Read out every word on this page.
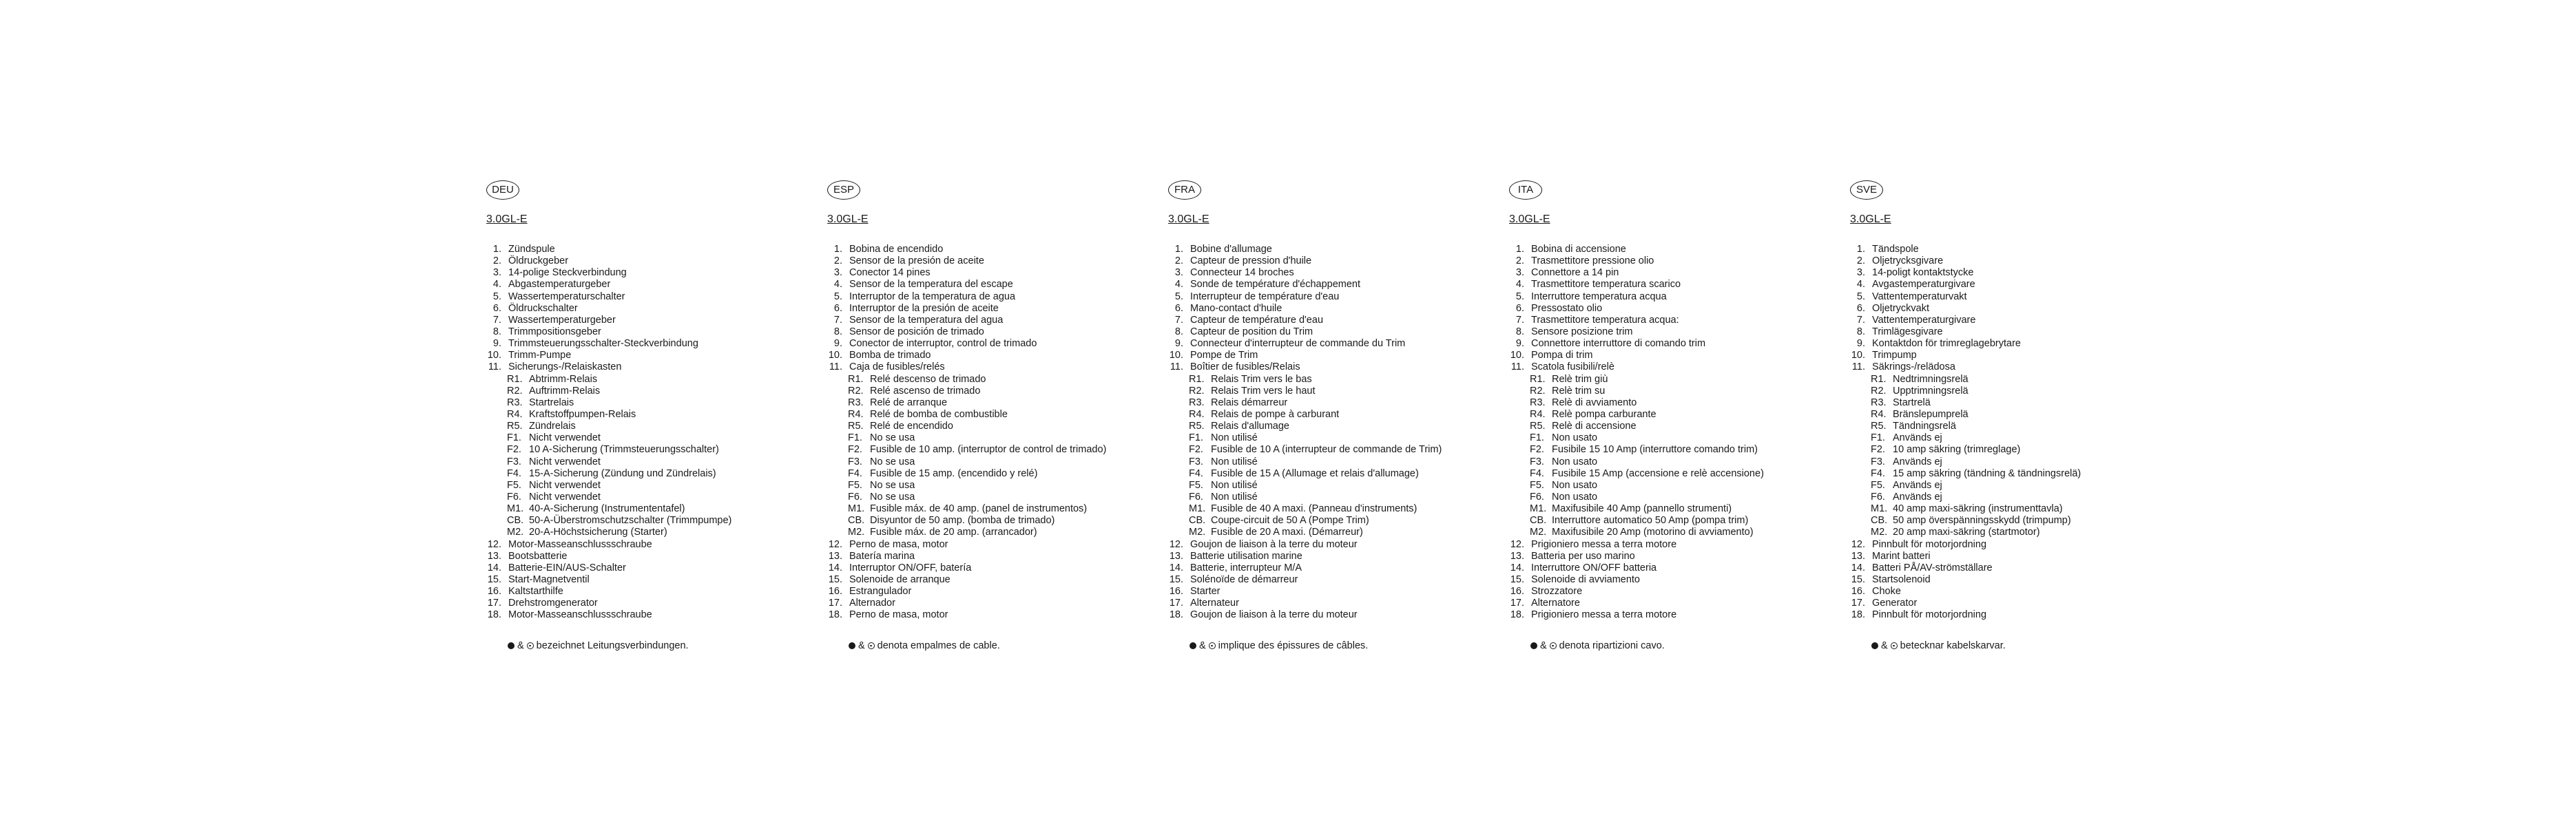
DEU
3.0GL-E
1. Zündspule
2. Öldruckgeber
3. 14-polige Steckverbindung
4. Abgastemperaturgeber
5. Wassertemperaturschalter
6. Öldruckschalter
7. Wassertemperaturgeber
8. Trimmpositionsgeber
9. Trimmsteuerungsschalter-Steckverbindung
10. Trimm-Pumpe
11. Sicherungs-/Relaiskasten
R1. Abtrimm-Relais
R2. Auftrimm-Relais
R3. Startrelais
R4. Kraftstoffpumpen-Relais
R5. Zündrelais
F1. Nicht verwendet
F2. 10 A-Sicherung (Trimmsteuerungsschalter)
F3. Nicht verwendet
F4. 15-A-Sicherung (Zündung und Zündrelais)
F5. Nicht verwendet
F6. Nicht verwendet
M1. 40-A-Sicherung (Instrumententafel)
CB. 50-A-Überstromschutzschalter (Trimmpumpe)
M2. 20-A-Höchstsicherung (Starter)
12. Motor-Masseanschlussschraube
13. Bootsbatterie
14. Batterie-EIN/AUS-Schalter
15. Start-Magnetventil
16. Kaltstarthilfe
17. Drehstromgenerator
18. Motor-Masseanschlussschraube
ESP
3.0GL-E
1. Bobina de encendido
2. Sensor de la presión de aceite
3. Conector 14 pines
4. Sensor de la temperatura del escape
5. Interruptor de la temperatura de agua
6. Interruptor de la presión de aceite
7. Sensor de la temperatura del agua
8. Sensor de posición de trimado
9. Conector de interruptor, control de trimado
10. Bomba de trimado
11. Caja de fusibles/relés
R1. Relé descenso de trimado
R2. Relé ascenso de trimado
R3. Relé de arranque
R4. Relé de bomba de combustible
R5. Relé de encendido
F1. No se usa
F2. Fusible de 10 amp. (interruptor de control de trimado)
F3. No se usa
F4. Fusible de 15 amp. (encendido y relé)
F5. No se usa
F6. No se usa
M1. Fusible máx. de 40 amp. (panel de instrumentos)
CB. Disyuntor de 50 amp. (bomba de trimado)
M2. Fusible máx. de 20 amp. (arrancador)
12. Perno de masa, motor
13. Batería marina
14. Interruptor ON/OFF, batería
15. Solenoide de arranque
16. Estrangulador
17. Alternador
18. Perno de masa, motor
FRA
3.0GL-E
1. Bobine d'allumage
2. Capteur de pression d'huile
3. Connecteur 14 broches
4. Sonde de température d'échappement
5. Interrupteur de température d'eau
6. Mano-contact d'huile
7. Capteur de température d'eau
8. Capteur de position du Trim
9. Connecteur d'interrupteur de commande du Trim
10. Pompe de Trim
11. Boîtier de fusibles/Relais
R1. Relais Trim vers le bas
R2. Relais Trim vers le haut
R3. Relais démarreur
R4. Relais de pompe à carburant
R5. Relais d'allumage
F1. Non utilisé
F2. Fusible de 10 A (interrupteur de commande de Trim)
F3. Non utilisé
F4. Fusible de 15 A (Allumage et relais d'allumage)
F5. Non utilisé
F6. Non utilisé
M1. Fusible de 40 A maxi. (Panneau d'instruments)
CB. Coupe-circuit de 50 A (Pompe Trim)
M2. Fusible de 20 A maxi. (Démarreur)
12. Goujon de liaison à la terre du moteur
13. Batterie utilisation marine
14. Batterie, interrupteur M/A
15. Solénoïde de démarreur
16. Starter
17. Alternateur
18. Goujon de liaison à la terre du moteur
ITA
3.0GL-E
1. Bobina di accensione
2. Trasmettitore pressione olio
3. Connettore a 14 pin
4. Trasmettitore temperatura scarico
5. Interruttore temperatura acqua
6. Pressostato olio
7. Trasmettitore temperatura acqua:
8. Sensore posizione trim
9. Connettore interruttore di comando trim
10. Pompa di trim
11. Scatola fusibili/relè
R1. Relè trim giù
R2. Relè trim su
R3. Relè di avviamento
R4. Relè pompa carburante
R5. Relè di accensione
F1. Non usato
F2. Fusibile 15 10 Amp (interruttore comando trim)
F3. Non usato
F4. Fusibile 15 Amp (accensione e relè accensione)
F5. Non usato
F6. Non usato
M1. Maxifusibile 40 Amp (pannello strumenti)
CB. Interruttore automatico 50 Amp (pompa trim)
M2. Maxifusibile 20 Amp (motorino di avviamento)
12. Prigioniero messa a terra motore
13. Batteria per uso marino
14. Interruttore ON/OFF batteria
15. Solenoide di avviamento
16. Strozzatore
17. Alternatore
18. Prigioniero messa a terra motore
SVE
3.0GL-E
1. Tändspole
2. Oljetrycksgivare
3. 14-poligt kontaktstycke
4. Avgastemperaturgivare
5. Vattentemperaturvakt
6. Oljetryckvakt
7. Vattentemperaturgivare
8. Trimlägesgivare
9. Kontaktdon för trimreglagebrytare
10. Trimpump
11. Säkrings-/relädosa
R1. Nedtrimningsrelä
R2. Upptrimningsrelä
R3. Startrelä
R4. Bränslepumprelä
R5. Tändningsrelä
F1. Används ej
F2. 10 amp säkring (trimreglage)
F3. Används ej
F4. 15 amp säkring (tändning & tändningsrelä)
F5. Används ej
F6. Används ej
M1. 40 amp maxi-säkring (instrumenttavla)
CB. 50 amp överspänningsskydd (trimpump)
M2. 20 amp maxi-säkring (startmotor)
12. Pinnbult för motorjordning
13. Marint batteri
14. Batteri PÅ/AV-strömställare
15. Startsolenoid
16. Choke
17. Generator
18. Pinnbult för motorjordning
& bezeichnet Leitungsverbindungen.	& denota empalmes de cable.	& implique des épissures de câbles.	& denota ripartizioni cavo.	& betecknar kabelskarvar.
